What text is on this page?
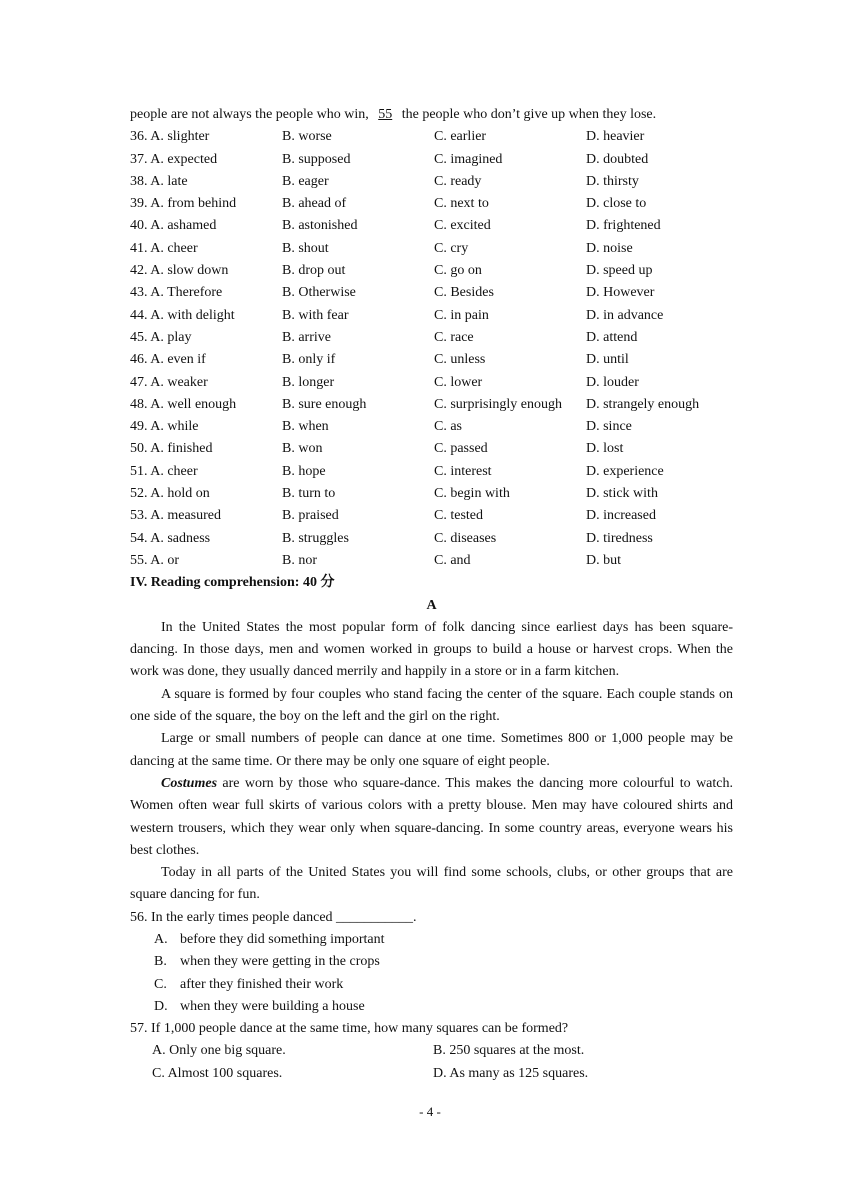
people are not always the people who win, 55 the people who don’t give up when they lose.
36. A. slighter	B. worse	C. earlier	D. heavier
37. A. expected	B. supposed	C. imagined	D. doubted
38. A. late	B. eager	C. ready	D. thirsty
39. A. from behind	B. ahead of	C. next to	D. close to
40. A. ashamed	B. astonished	C. excited	D. frightened
41. A. cheer	B. shout	C. cry	D. noise
42. A. slow down	B. drop out	C. go on	D. speed up
43. A. Therefore	B. Otherwise	C. Besides	D. However
44. A. with delight	B. with fear	C. in pain	D. in advance
45. A. play	B. arrive	C. race	D. attend
46. A. even if	B. only if	C. unless	D. until
47. A. weaker	B. longer	C. lower	D. louder
48. A. well enough	B. sure enough	C. surprisingly enough	D. strangely enough
49. A. while	B. when	C. as	D. since
50. A. finished	B. won	C. passed	D. lost
51. A. cheer	B. hope	C. interest	D. experience
52. A. hold on	B. turn to	C. begin with	D. stick with
53. A. measured	B. praised	C. tested	D. increased
54. A. sadness	B. struggles	C. diseases	D. tiredness
55. A. or	B. nor	C. and	D. but
IV. Reading comprehension: 40 分
A
In the United States the most popular form of folk dancing since earliest days has been square-dancing. In those days, men and women worked in groups to build a house or harvest crops. When the work was done, they usually danced merrily and happily in a store or in a farm kitchen.
A square is formed by four couples who stand facing the center of the square. Each couple stands on one side of the square, the boy on the left and the girl on the right.
Large or small numbers of people can dance at one time. Sometimes 800 or 1,000 people may be dancing at the same time. Or there may be only one square of eight people.
Costumes are worn by those who square-dance. This makes the dancing more colourful to watch. Women often wear full skirts of various colors with a pretty blouse. Men may have coloured shirts and western trousers, which they wear only when square-dancing. In some country areas, everyone wears his best clothes.
Today in all parts of the United States you will find some schools, clubs, or other groups that are square dancing for fun.
56. In the early times people danced ___________.
A. before they did something important
B. when they were getting in the crops
C. after they finished their work
D. when they were building a house
57. If 1,000 people dance at the same time, how many squares can be formed?
A. Only one big square.	B. 250 squares at the most.
C. Almost 100 squares.	D. As many as 125 squares.
- 4 -
